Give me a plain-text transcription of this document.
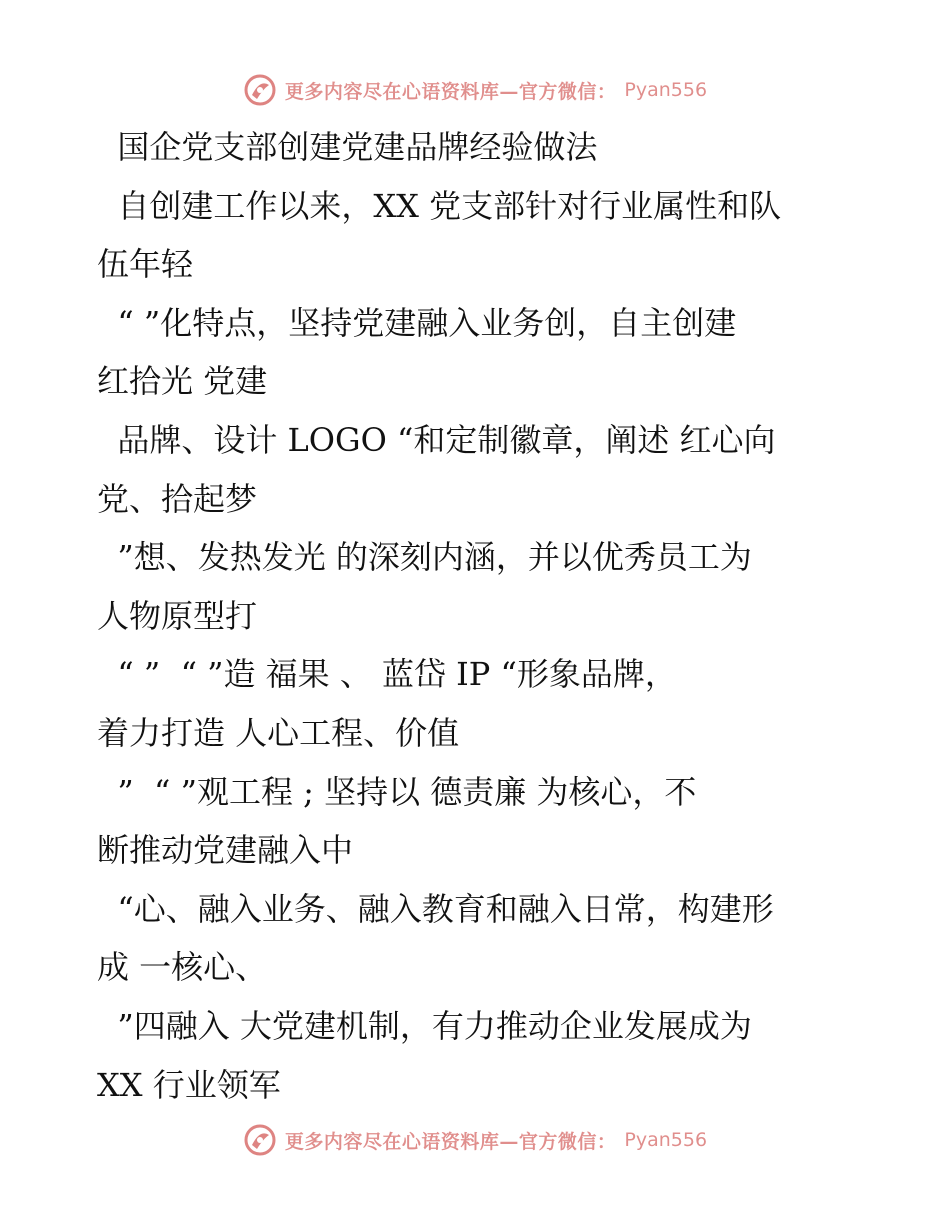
更多内容尽在心语资料库—官方微信： Pyan556
国企党支部创建党建品牌经验做法
自创建工作以来，XX 党支部针对行业属性和队
伍年轻
“ ”化特点，坚持党建融入业务创，自主创建
红拾光 党建
品牌、设计 LOGO “和定制徽章，阐述 红心向
党、拾起梦
”想、发热发光 的深刻内涵，并以优秀员工为
人物原型打
“ ”  “ ”造 福果 、 蓝岱 IP “形象品牌，
着力打造 人心工程、价值
”  “ ”观工程 ; 坚持以 德责廉 为核心，不
断推动党建融入中
“心、融入业务、融入教育和融入日常，构建形
成 一核心、
”四融入 大党建机制，有力推动企业发展成为
XX 行业领军
更多内容尽在心语资料库—官方微信： Pyan556
